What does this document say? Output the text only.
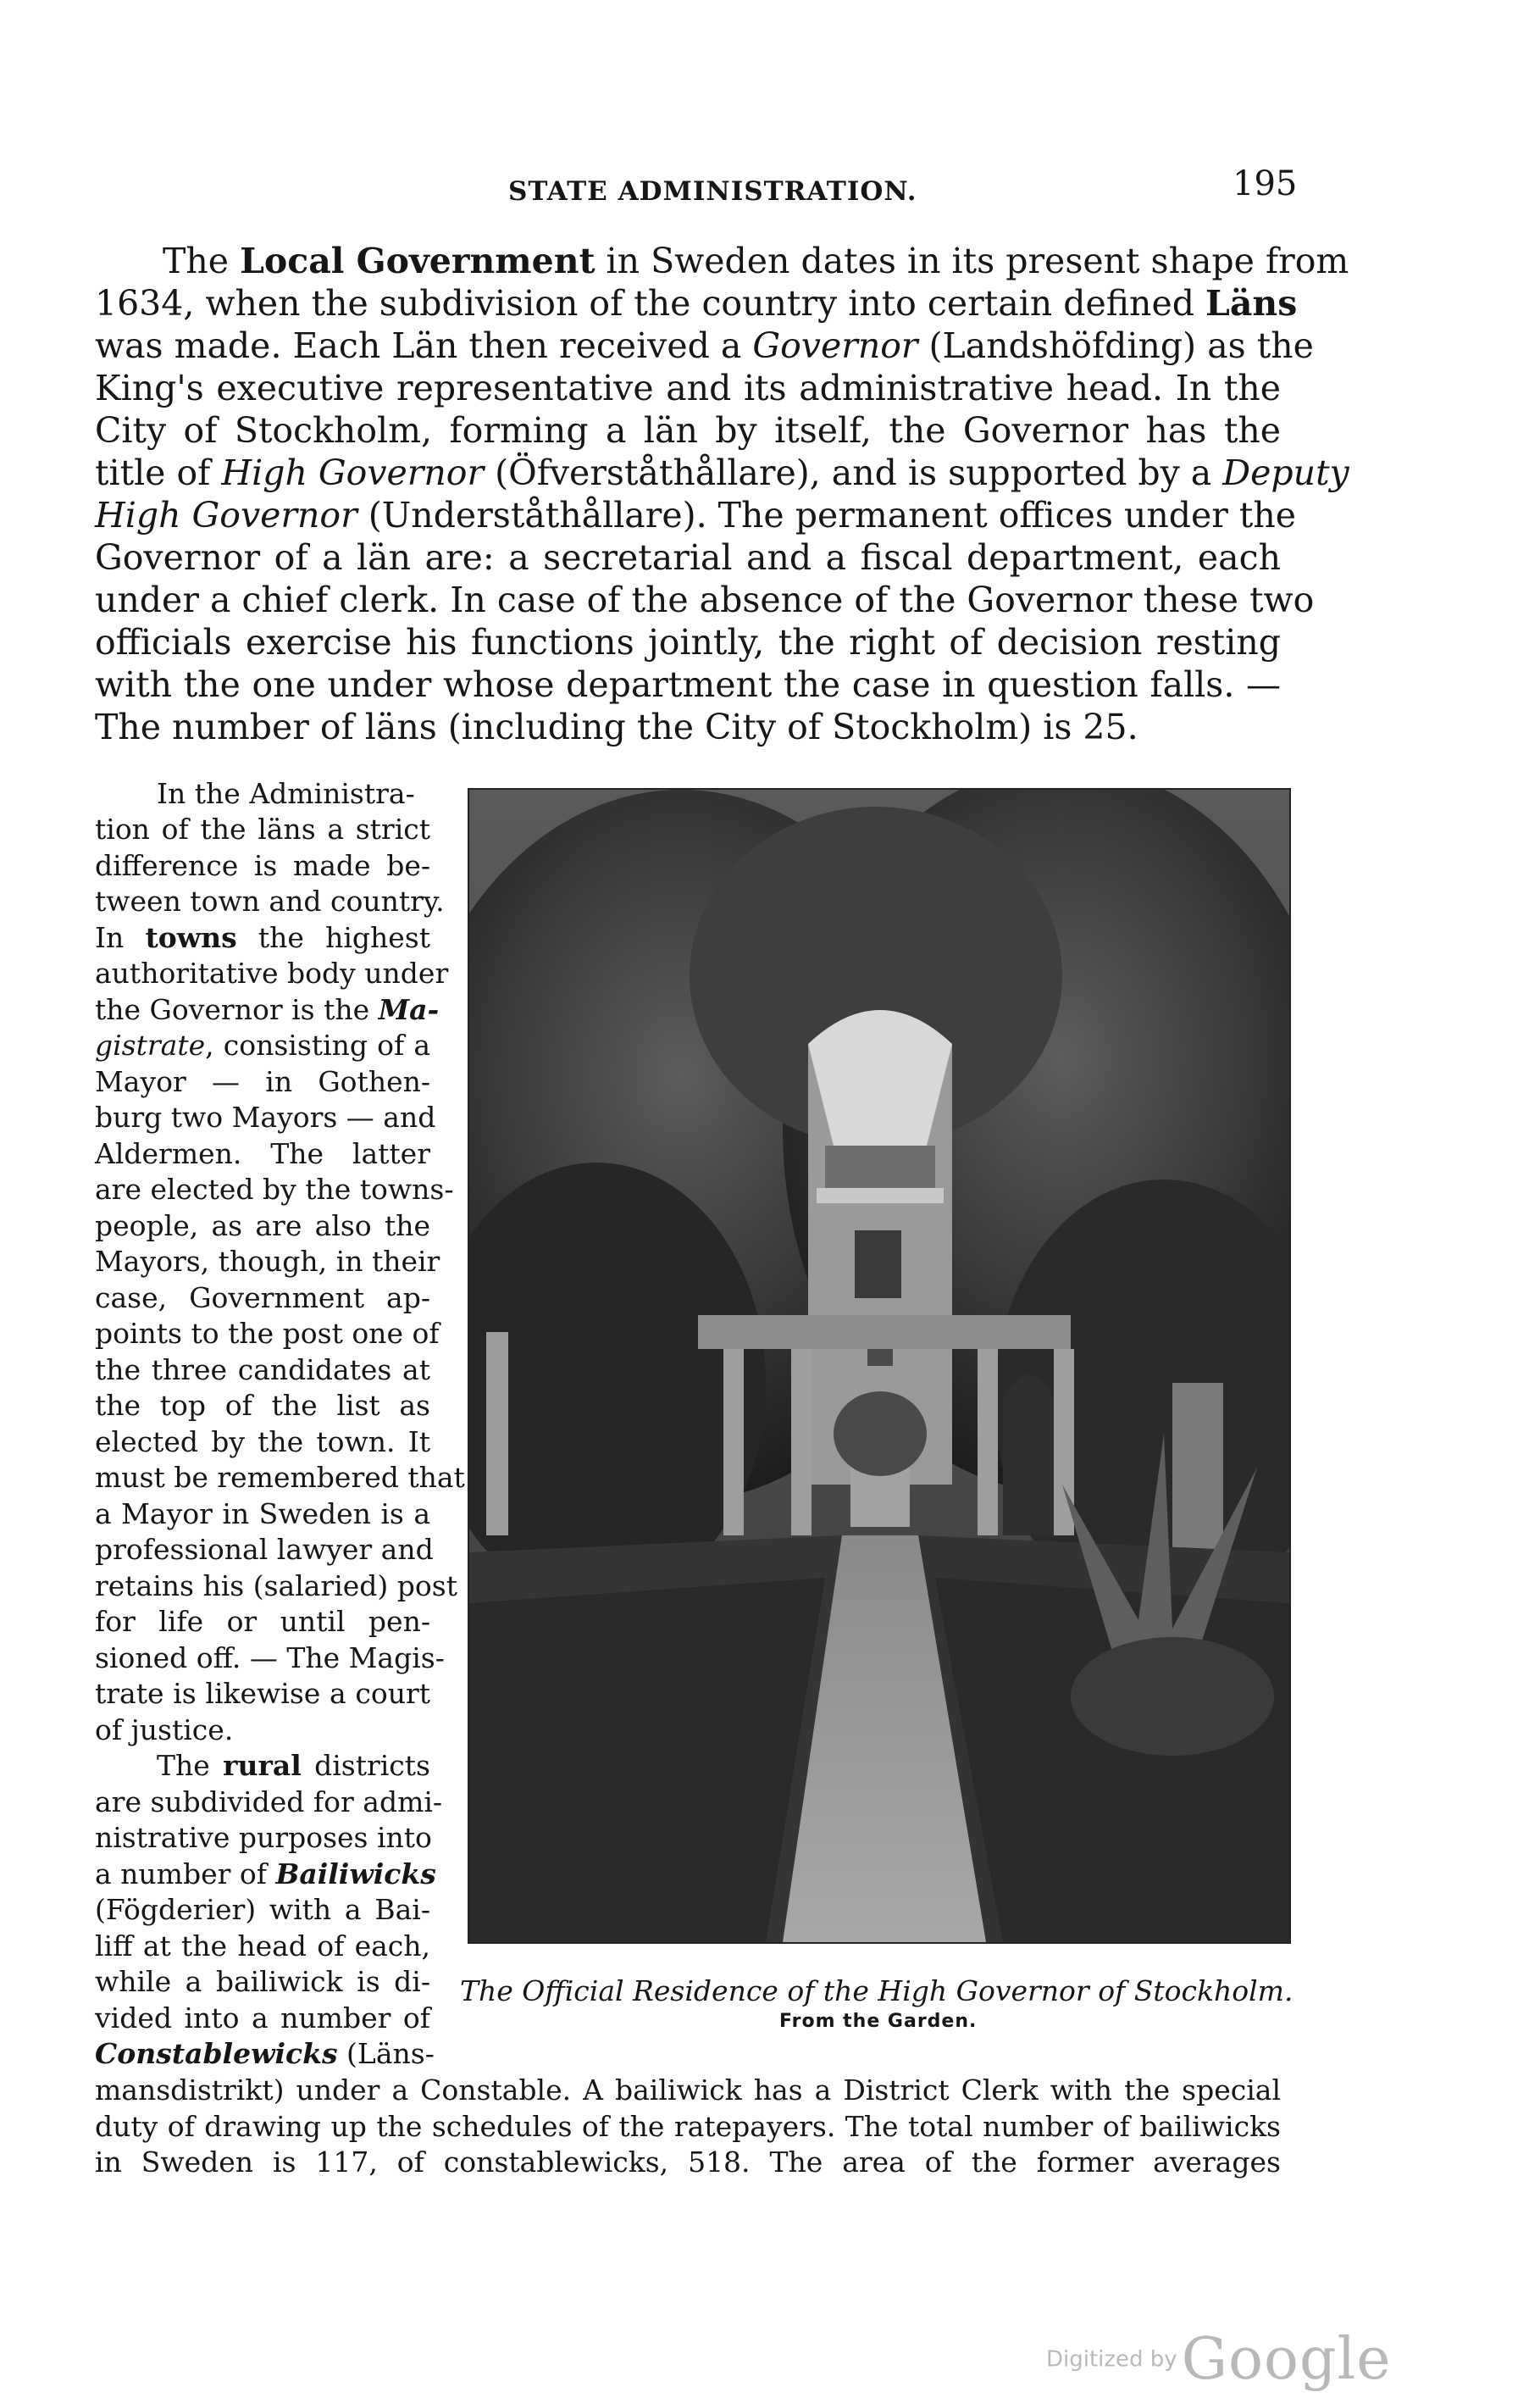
STATE ADMINISTRATION.	195
The Local Government in Sweden dates in its present shape from
1634, when the subdivision of the country into certain defined Läns
was made. Each Län then received a Governor (Landshöfding) as the
King's executive representative and its administrative head. In the
City of Stockholm, forming a län by itself, the Governor has the
title of High Governor (Öfverståthållare), and is supported by a Deputy
High Governor (Underståthållare). The permanent offices under the
Governor of a län are: a secretarial and a fiscal department, each
under a chief clerk. In case of the absence of the Governor these two
officials exercise his functions jointly, the right of decision resting
with the one under whose department the case in question falls. —
The number of läns (including the City of Stockholm) is 25.
In the Administra-
tion of the läns a strict
difference is made be-
tween town and country.
In towns the highest
authoritative body under
the Governor is the Ma-
gistrate, consisting of a
Mayor — in Gothen-
burg two Mayors — and
Aldermen. The latter
are elected by the towns-
people, as are also the
Mayors, though, in their
case, Government ap-
points to the post one of
the three candidates at
the top of the list as
elected by the town. It
must be remembered that
a Mayor in Sweden is a
professional lawyer and
retains his (salaried) post
for life or until pen-
sioned off. — The Magis-
trate is likewise a court
of justice.
The rural districts
are subdivided for admi-
nistrative purposes into
a number of Bailiwicks
(Fögderier) with a Bai-
liff at the head of each,
while a bailiwick is di-
vided into a number of
Constablewicks (Läns-
The Official Residence of the High Governor of Stockholm.
From the Garden.
mansdistrikt) under a Constable. A bailiwick has a District Clerk with the special
duty of drawing up the schedules of the ratepayers. The total number of bailiwicks
in Sweden is 117, of constablewicks, 518. The area of the former averages
Digitized by Google
